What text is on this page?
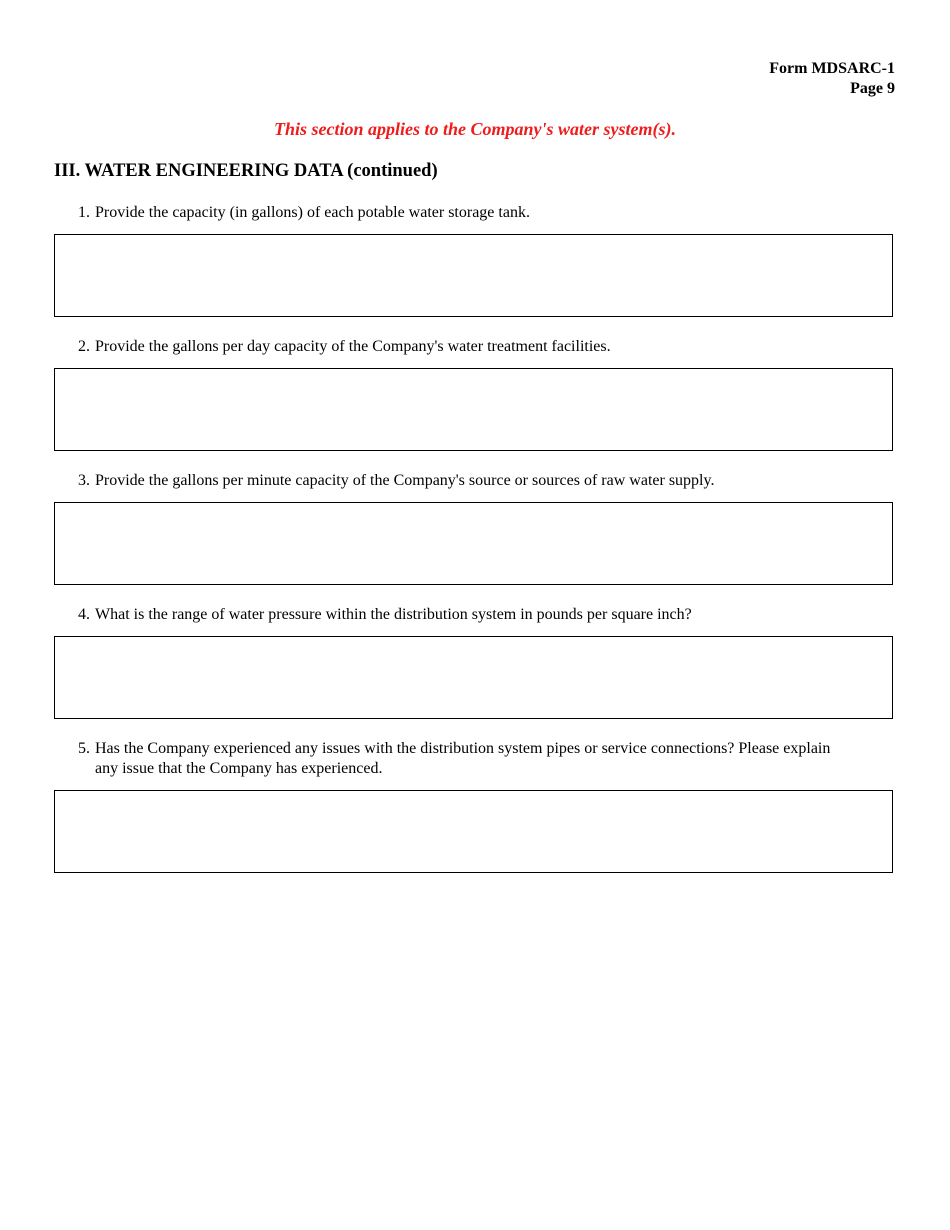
Form MDSARC-1
Page 9
This section applies to the Company's water system(s).
III. WATER ENGINEERING DATA (continued)
1. Provide the capacity (in gallons) of each potable water storage tank.
2. Provide the gallons per day capacity of the Company's water treatment facilities.
3. Provide the gallons per minute capacity of the Company's source or sources of raw water supply.
4. What is the range of water pressure within the distribution system in pounds per square inch?
5. Has the Company experienced any issues with the distribution system pipes or service connections? Please explain any issue that the Company has experienced.
